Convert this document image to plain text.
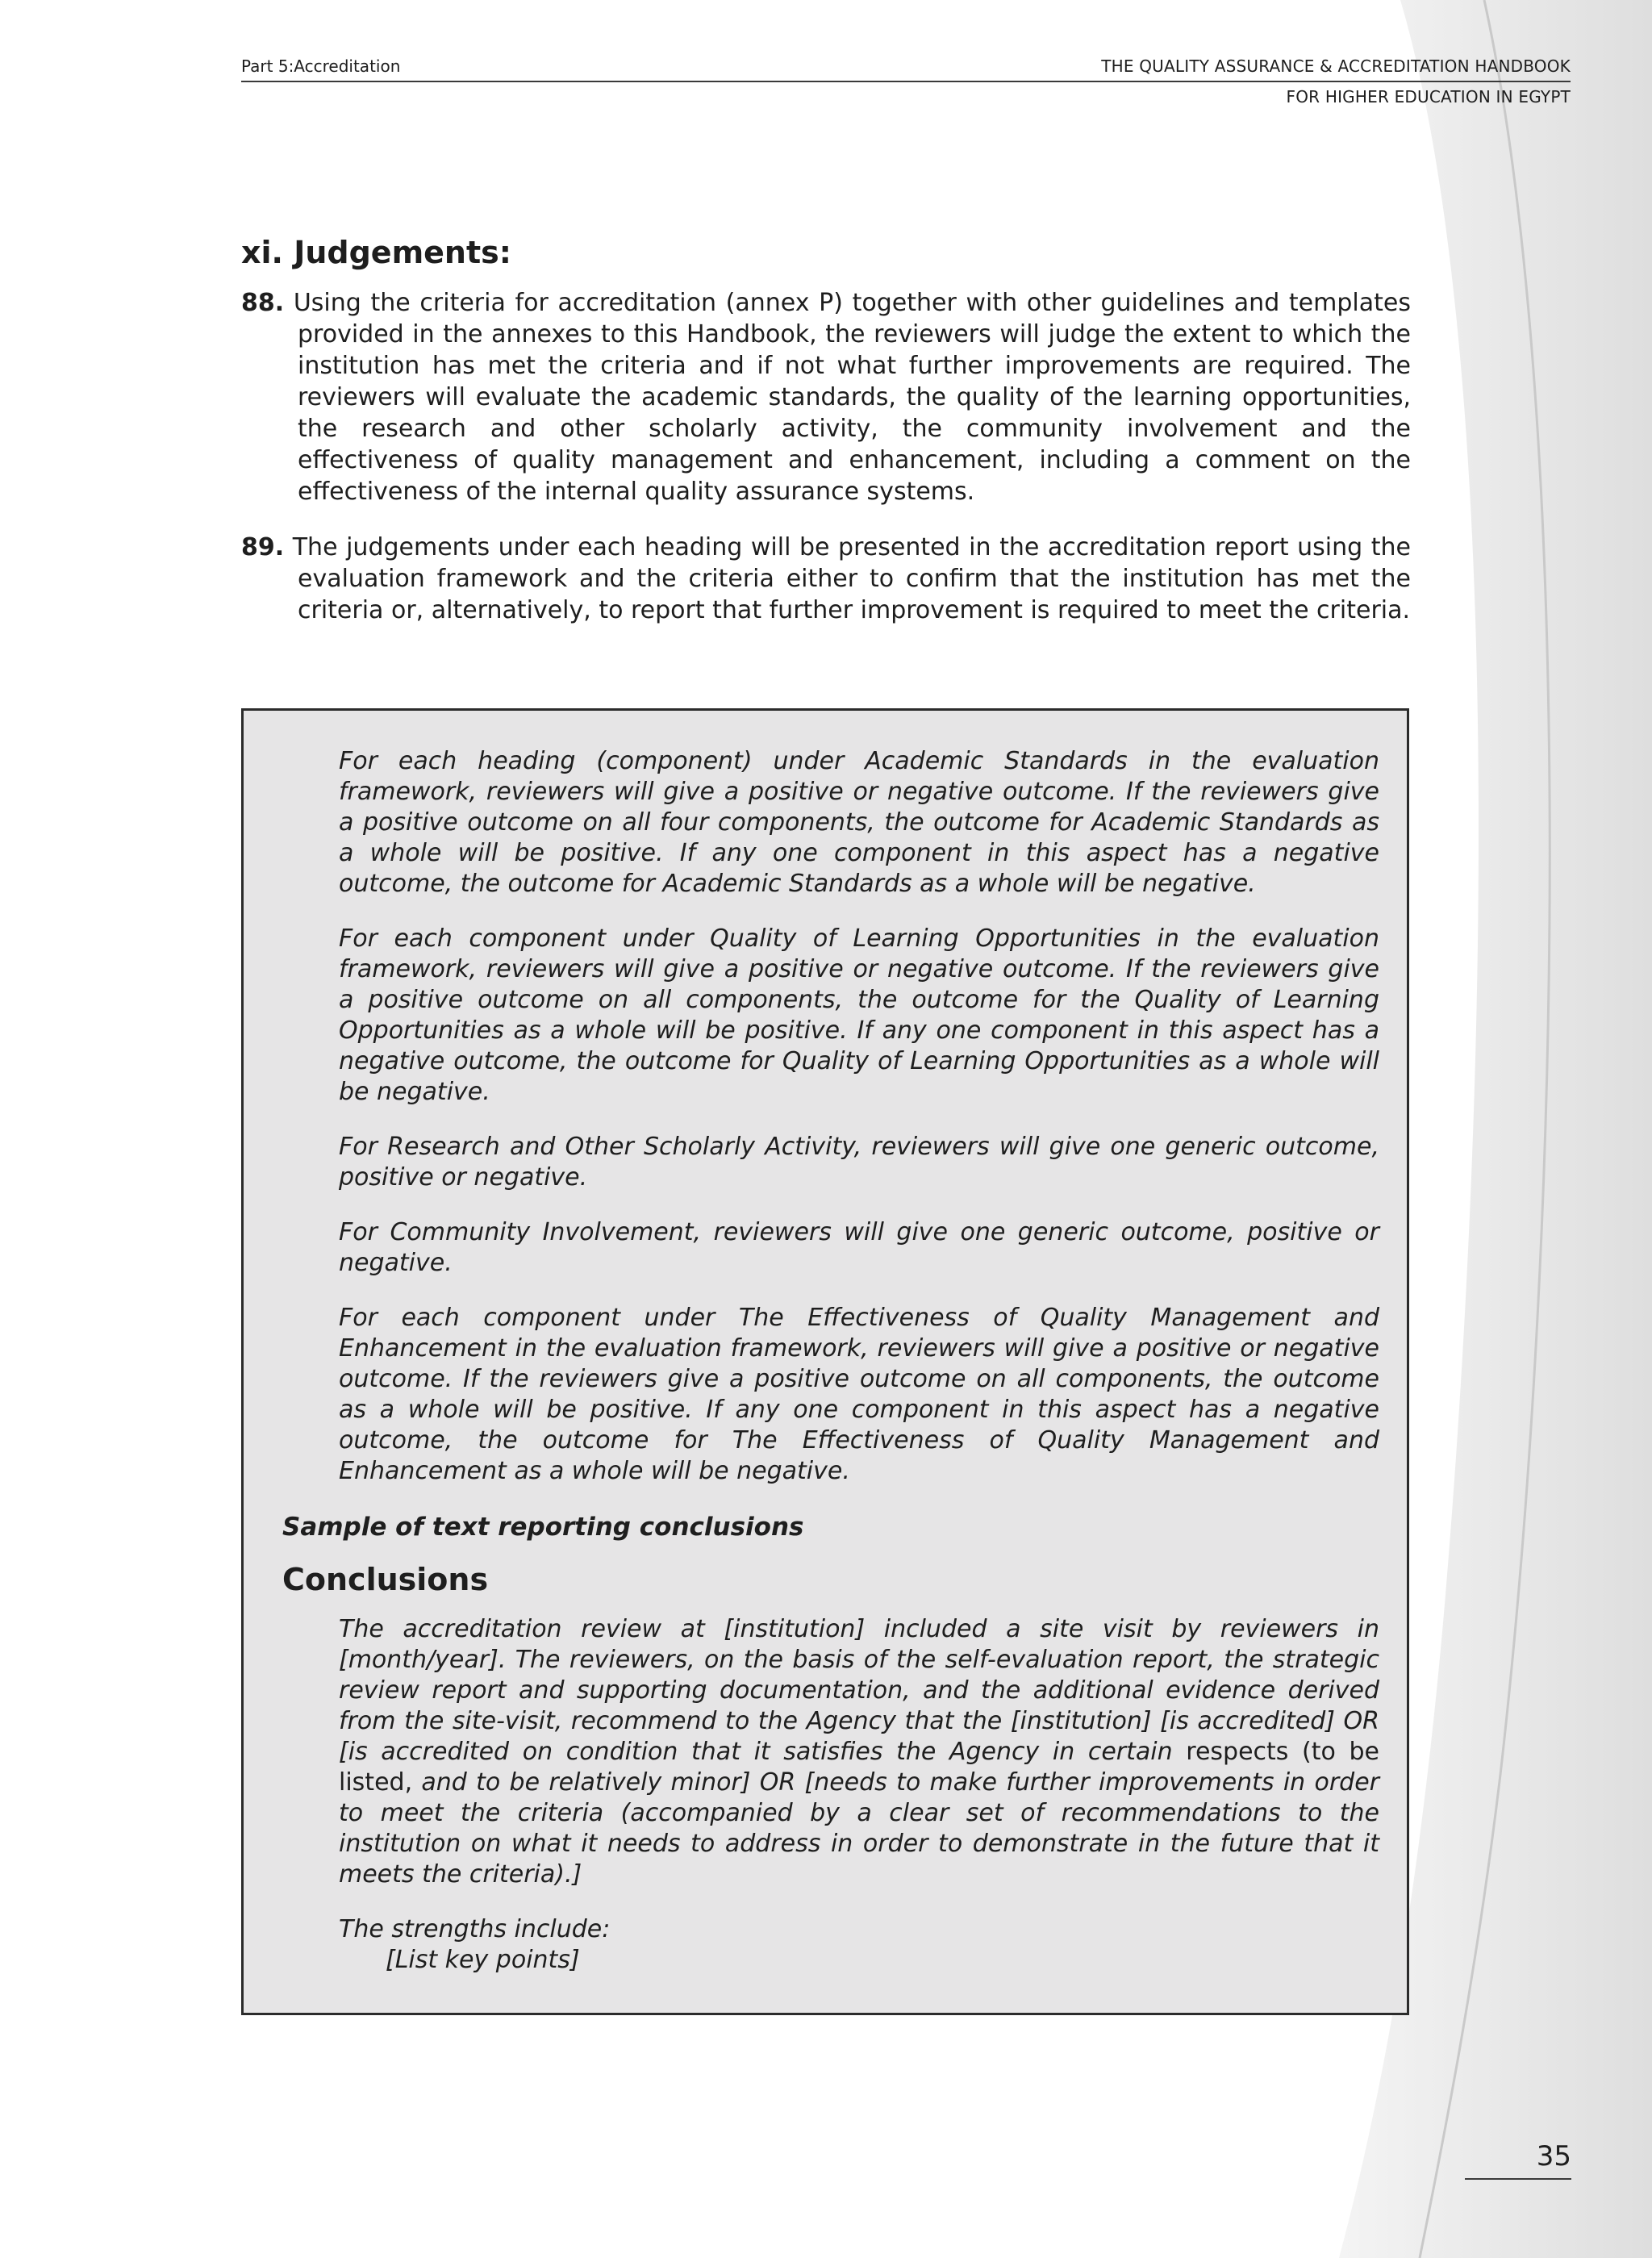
Part 5:Accreditation	THE QUALITY ASSURANCE & ACCREDITATION HANDBOOK
FOR HIGHER EDUCATION IN EGYPT
xi. Judgements:

88. Using the criteria for accreditation (annex P) together with other guidelines and templates provided in the annexes to this Handbook, the reviewers will judge the extent to which the institution has met the criteria and if not what further improvements are required. The reviewers will evaluate the academic standards, the quality of the learning opportunities, the research and other scholarly activity, the community involvement and the effectiveness of quality management and enhancement, including a comment on the effectiveness of the internal quality assurance systems.

89. The judgements under each heading will be presented in the accreditation report using the evaluation framework and the criteria either to confirm that the institution has met the criteria or, alternatively, to report that further improvement is required to meet the criteria.

For each heading (component) under Academic Standards in the evaluation framework, reviewers will give a positive or negative outcome. If the reviewers give a positive outcome on all four components, the outcome for Academic Standards as a whole will be positive. If any one component in this aspect has a negative outcome, the outcome for Academic Standards as a whole will be negative.

For each component under Quality of Learning Opportunities in the evaluation framework, reviewers will give a positive or negative outcome. If the reviewers give a positive outcome on all components, the outcome for the Quality of Learning Opportunities as a whole will be positive. If any one component in this aspect has a negative outcome, the outcome for Quality of Learning Opportunities as a whole will be negative.

For Research and Other Scholarly Activity, reviewers will give one generic outcome, positive or negative.

For Community Involvement, reviewers will give one generic outcome, positive or negative.

For each component under The Effectiveness of Quality Management and Enhancement in the evaluation framework, reviewers will give a positive or negative outcome. If the reviewers give a positive outcome on all components, the outcome as a whole will be positive. If any one component in this aspect has a negative outcome, the outcome for The Effectiveness of Quality Management and Enhancement as a whole will be negative.

Sample of text reporting conclusions
Conclusions

The accreditation review at [institution] included a site visit by reviewers in [month/year]. The reviewers, on the basis of the self-evaluation report, the strategic review report and supporting documentation, and the additional evidence derived from the site-visit, recommend to the Agency that the [institution] [is accredited] OR [is accredited on condition that it satisfies the Agency in certain respects (to be listed, and to be relatively minor] OR [needs to make further improvements in order to meet the criteria (accompanied by a clear set of recommendations to the institution on what it needs to address in order to demonstrate in the future that it meets the criteria).]

The strengths include:
[List key points]
35
